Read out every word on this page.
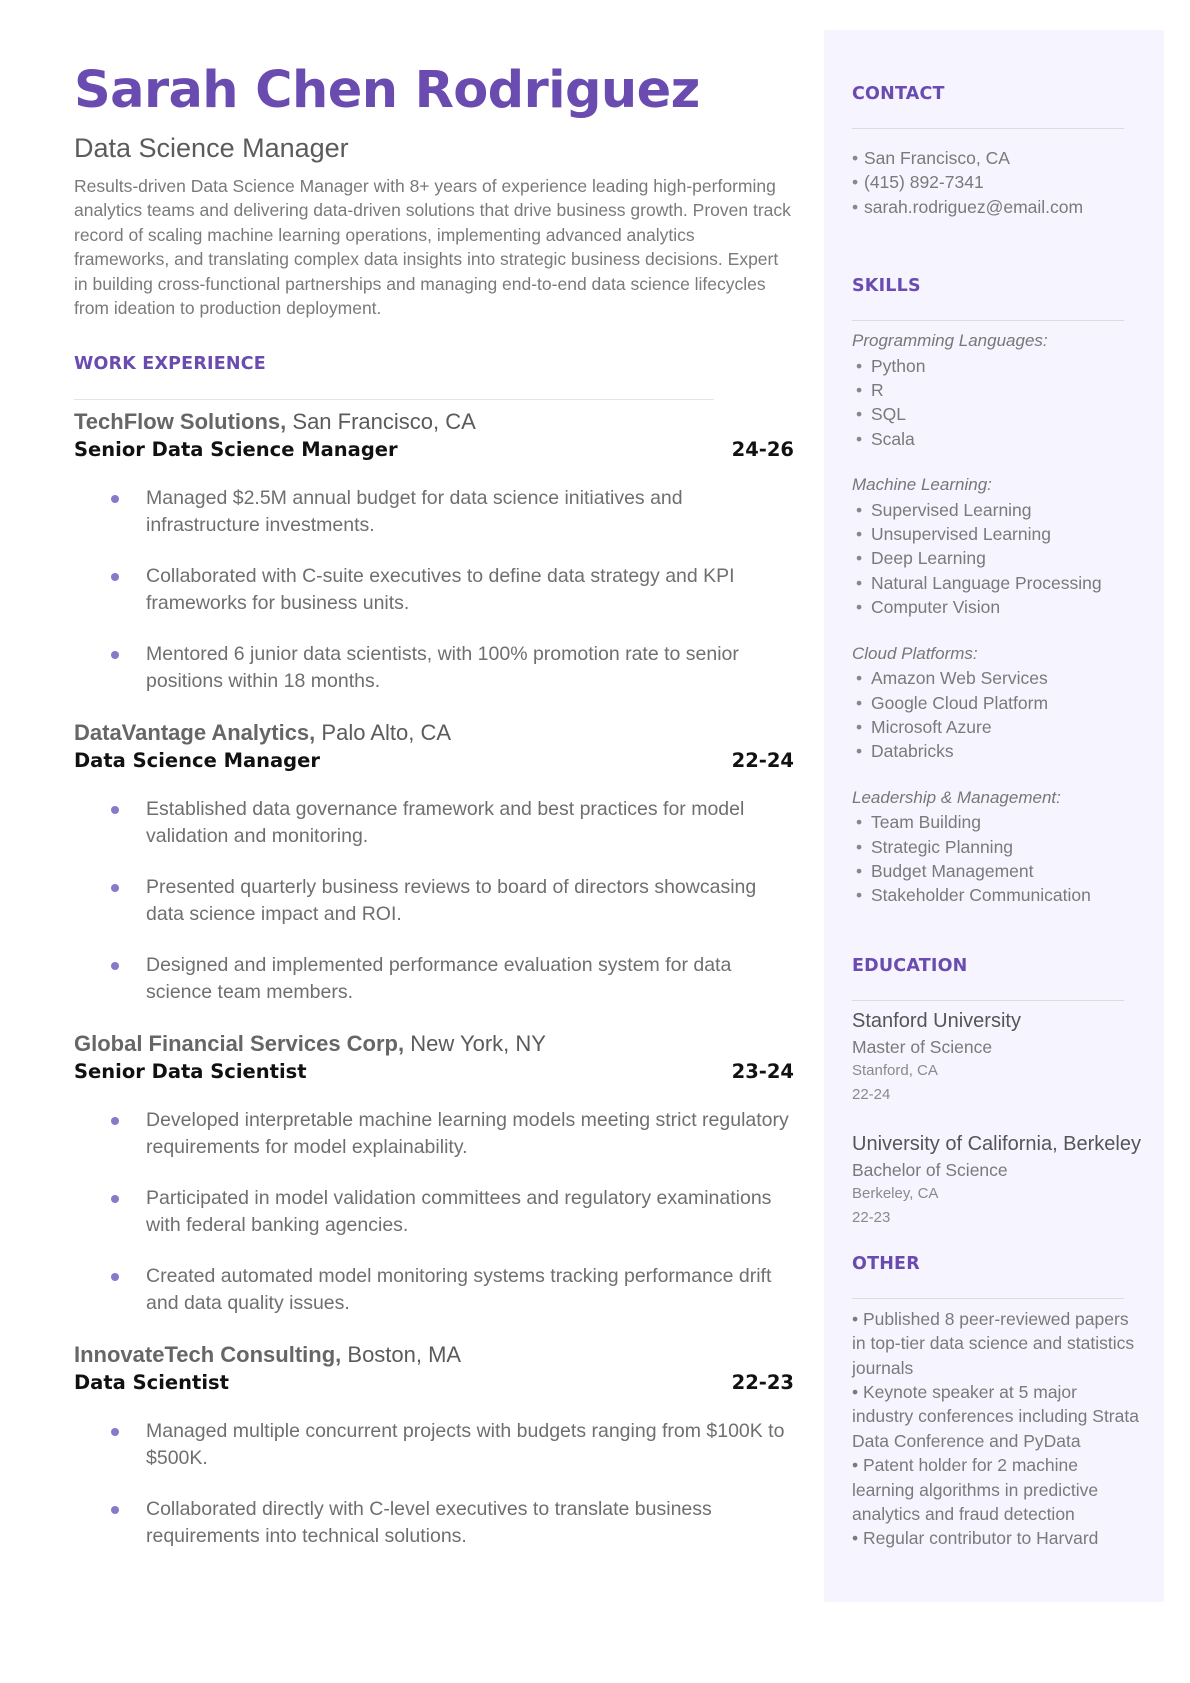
Sarah Chen Rodriguez
Data Science Manager
Results-driven Data Science Manager with 8+ years of experience leading high-performing analytics teams and delivering data-driven solutions that drive business growth. Proven track record of scaling machine learning operations, implementing advanced analytics frameworks, and translating complex data insights into strategic business decisions. Expert in building cross-functional partnerships and managing end-to-end data science lifecycles from ideation to production deployment.
WORK EXPERIENCE
TechFlow Solutions, San Francisco, CA
Senior Data Science Manager	24-26
Managed $2.5M annual budget for data science initiatives and infrastructure investments.
Collaborated with C-suite executives to define data strategy and KPI frameworks for business units.
Mentored 6 junior data scientists, with 100% promotion rate to senior positions within 18 months.
DataVantage Analytics, Palo Alto, CA
Data Science Manager	22-24
Established data governance framework and best practices for model validation and monitoring.
Presented quarterly business reviews to board of directors showcasing data science impact and ROI.
Designed and implemented performance evaluation system for data science team members.
Global Financial Services Corp, New York, NY
Senior Data Scientist	23-24
Developed interpretable machine learning models meeting strict regulatory requirements for model explainability.
Participated in model validation committees and regulatory examinations with federal banking agencies.
Created automated model monitoring systems tracking performance drift and data quality issues.
InnovateTech Consulting, Boston, MA
Data Scientist	22-23
Managed multiple concurrent projects with budgets ranging from $100K to $500K.
Collaborated directly with C-level executives to translate business requirements into technical solutions.
CONTACT
• San Francisco, CA
• (415) 892-7341
• sarah.rodriguez@email.com
SKILLS
Programming Languages:
• Python
• R
• SQL
• Scala
Machine Learning:
• Supervised Learning
• Unsupervised Learning
• Deep Learning
• Natural Language Processing
• Computer Vision
Cloud Platforms:
• Amazon Web Services
• Google Cloud Platform
• Microsoft Azure
• Databricks
Leadership & Management:
• Team Building
• Strategic Planning
• Budget Management
• Stakeholder Communication
EDUCATION
Stanford University
Master of Science
Stanford, CA
22-24
University of California, Berkeley
Bachelor of Science
Berkeley, CA
22-23
OTHER
• Published 8 peer-reviewed papers in top-tier data science and statistics journals
• Keynote speaker at 5 major industry conferences including Strata Data Conference and PyData
• Patent holder for 2 machine learning algorithms in predictive analytics and fraud detection
• Regular contributor to Harvard
